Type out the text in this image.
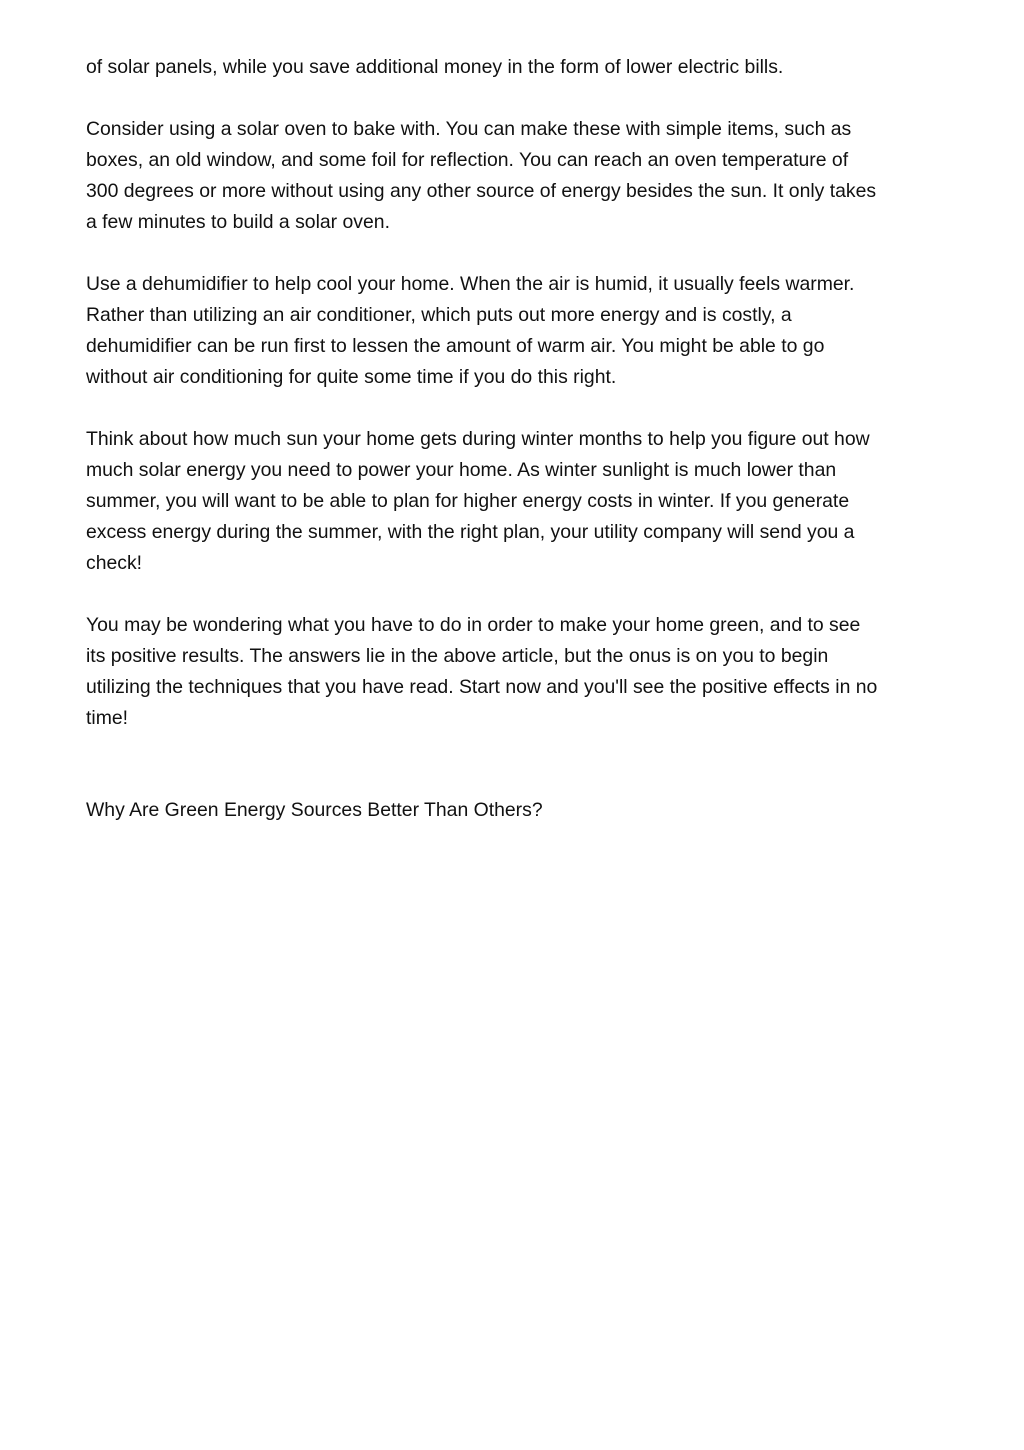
of solar panels, while you save additional money in the form of lower electric bills.
Consider using a solar oven to bake with. You can make these with simple items, such as
boxes, an old window, and some foil for reflection. You can reach an oven temperature of
300 degrees or more without using any other source of energy besides the sun. It only takes
a few minutes to build a solar oven.
Use a dehumidifier to help cool your home. When the air is humid, it usually feels warmer.
Rather than utilizing an air conditioner, which puts out more energy and is costly, a
dehumidifier can be run first to lessen the amount of warm air. You might be able to go
without air conditioning for quite some time if you do this right.
Think about how much sun your home gets during winter months to help you figure out how
much solar energy you need to power your home. As winter sunlight is much lower than
summer, you will want to be able to plan for higher energy costs in winter. If you generate
excess energy during the summer, with the right plan, your utility company will send you a
check!
You may be wondering what you have to do in order to make your home green, and to see
its positive results. The answers lie in the above article, but the onus is on you to begin
utilizing the techniques that you have read. Start now and you'll see the positive effects in no
time!
Why Are Green Energy Sources Better Than Others?
